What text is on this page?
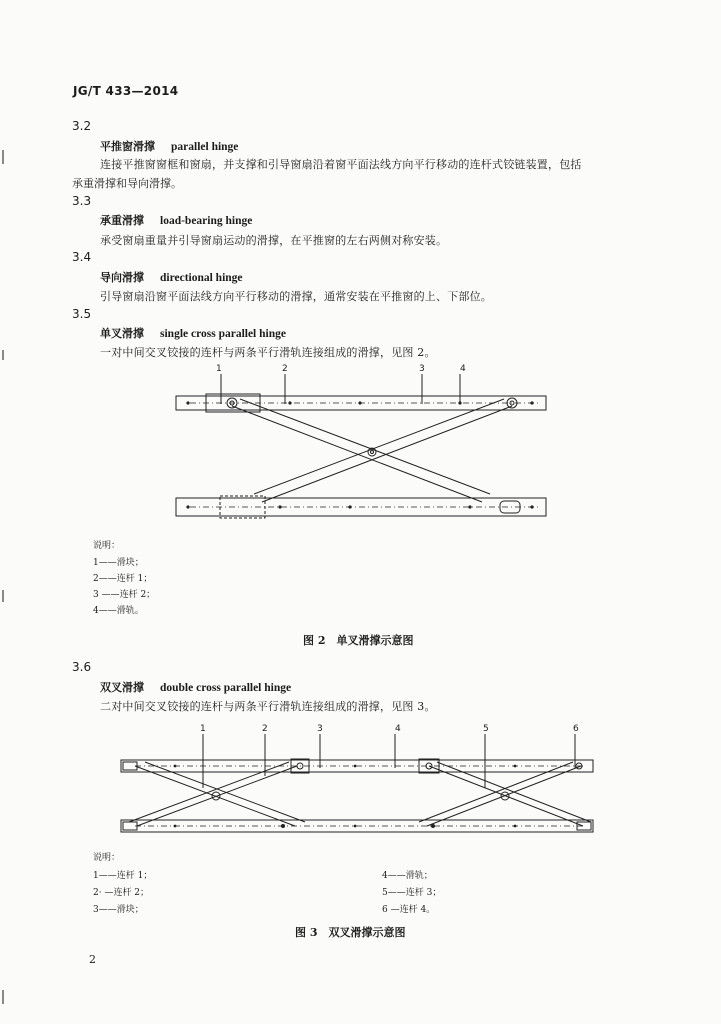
JG/T 433—2014
3.2
平推窗滑撑 parallel hinge
连接平推窗窗框和窗扇，并支撑和引导窗扇沿着窗平面法线方向平行移动的连杆式铰链装置，包括
承重滑撑和导向滑撑。
3.3
承重滑撑 load-bearing hinge
承受窗扇重量并引导窗扇运动的滑撑，在平推窗的左右两侧对称安装。
3.4
导向滑撑 directional hinge
引导窗扇沿窗平面法线方向平行移动的滑撑，通常安装在平推窗的上、下部位。
3.5
单叉滑撑 single cross parallel hinge
一对中间交叉铰接的连杆与两条平行滑轨连接组成的滑撑，见图 2。
1	2	3	4
说明：
1——滑块；
2——连杆 1；
3 ——连杆 2；
4——滑轨。
图 2　单叉滑撑示意图
3.6
双叉滑撑 double cross parallel hinge
二对中间交叉铰接的连杆与两条平行滑轨连接组成的滑撑，见图 3。
1	2	3	4	5	6
说明：
1——连杆 1；
2· —连杆 2；
3——滑块；
4——滑轨；
5——连杆 3；
6 —连杆 4。
图 3　双叉滑撑示意图
2
